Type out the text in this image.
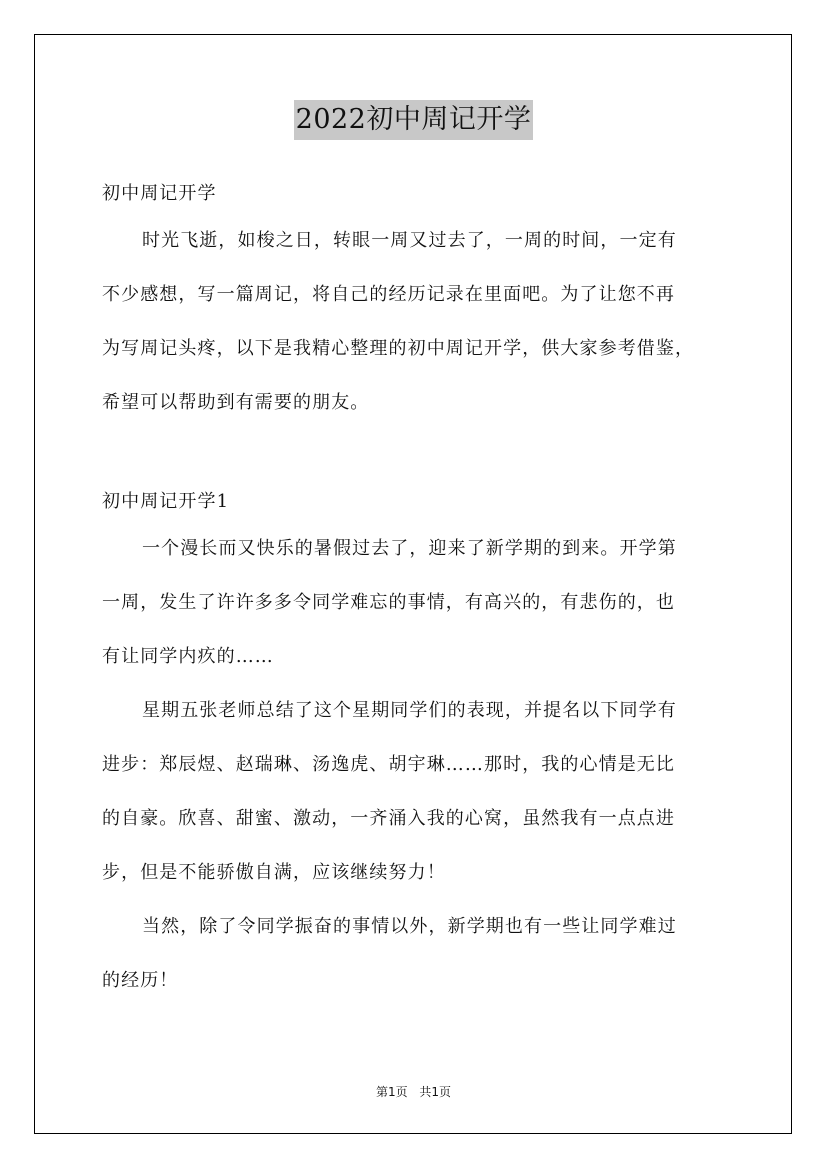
2022初中周记开学
初中周记开学
时光飞逝，如梭之日，转眼一周又过去了，一周的时间，一定有
不少感想，写一篇周记，将自己的经历记录在里面吧。为了让您不再
为写周记头疼，以下是我精心整理的初中周记开学，供大家参考借鉴，
希望可以帮助到有需要的朋友。
初中周记开学1
一个漫长而又快乐的暑假过去了，迎来了新学期的到来。开学第
一周，发生了许许多多令同学难忘的事情，有高兴的，有悲伤的，也
有让同学内疚的……
星期五张老师总结了这个星期同学们的表现，并提名以下同学有
进步：郑辰煜、赵瑞琳、汤逸虎、胡宇琳……那时，我的心情是无比
的自豪。欣喜、甜蜜、激动，一齐涌入我的心窝，虽然我有一点点进
步，但是不能骄傲自满，应该继续努力！
当然，除了令同学振奋的事情以外，新学期也有一些让同学难过
的经历！
第1页 共1页
